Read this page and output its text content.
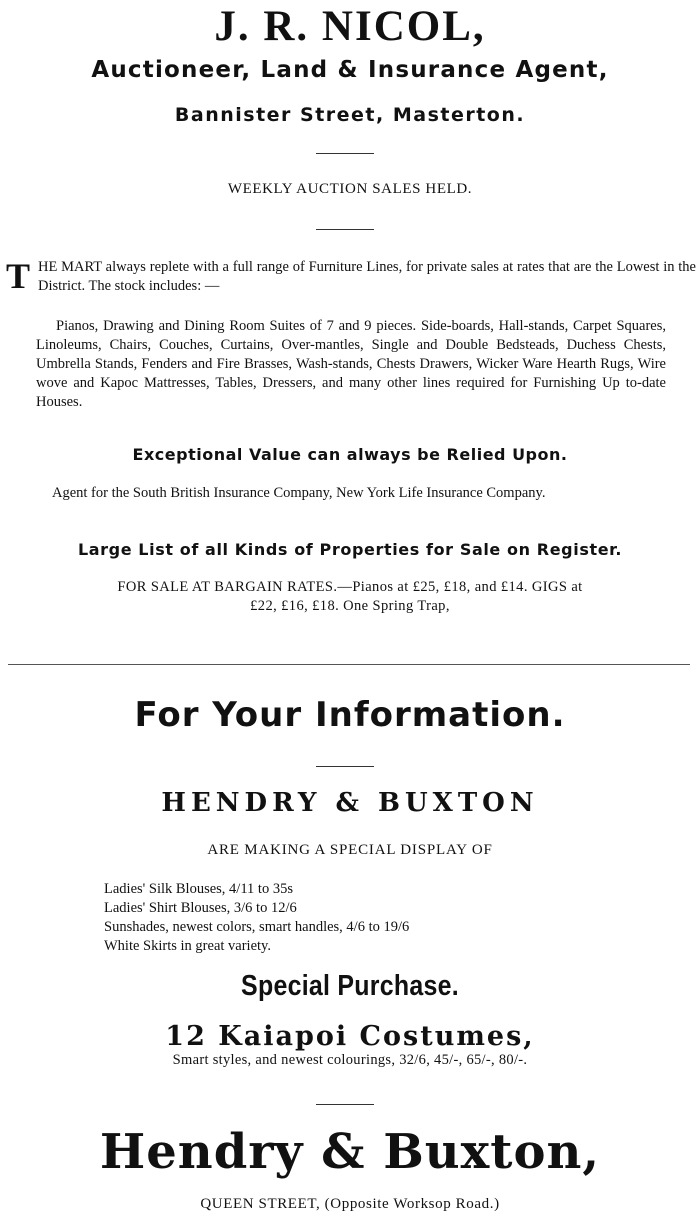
J. R. NICOL,
Auctioneer, Land & Insurance Agent,
Bannister Street, Masterton.
WEEKLY AUCTION SALES HELD.
T HE MART always replete with a full range of Furniture Lines, for private sales at rates that are the Lowest in the District. The stock includes: —
Pianos, Drawing and Dining Room Suites of 7 and 9 pieces. Side-boards, Hall-stands, Carpet Squares, Linoleums, Chairs, Couches, Curtains, Over-mantles, Single and Double Bedsteads, Duchess Chests, Umbrella Stands, Fenders and Fire Brasses, Wash-stands, Chests Drawers, Wicker Ware Hearth Rugs, Wire wove and Kapoc Mattresses, Tables, Dressers, and many other lines required for Furnishing Up to-date Houses.
Exceptional Value can always be Relied Upon.
Agent for the South British Insurance Company, New York Life Insurance Company.
Large List of all Kinds of Properties for Sale on Register.
FOR SALE AT BARGAIN RATES.—Pianos at £25, £18, and £14. GIGS at
£22, £16, £18. One Spring Trap,
For Your Information.
HENDRY & BUXTON
ARE MAKING A SPECIAL DISPLAY OF
Ladies' Silk Blouses, 4/11 to 35s
Ladies' Shirt Blouses, 3/6 to 12/6
Sunshades, newest colors, smart handles, 4/6 to 19/6
White Skirts in great variety.
Special Purchase.
12 Kaiapoi Costumes,
Smart styles, and newest colourings, 32/6, 45/-, 65/-, 80/-.
Hendry & Buxton,
QUEEN STREET, (Opposite Worksop Road.)
